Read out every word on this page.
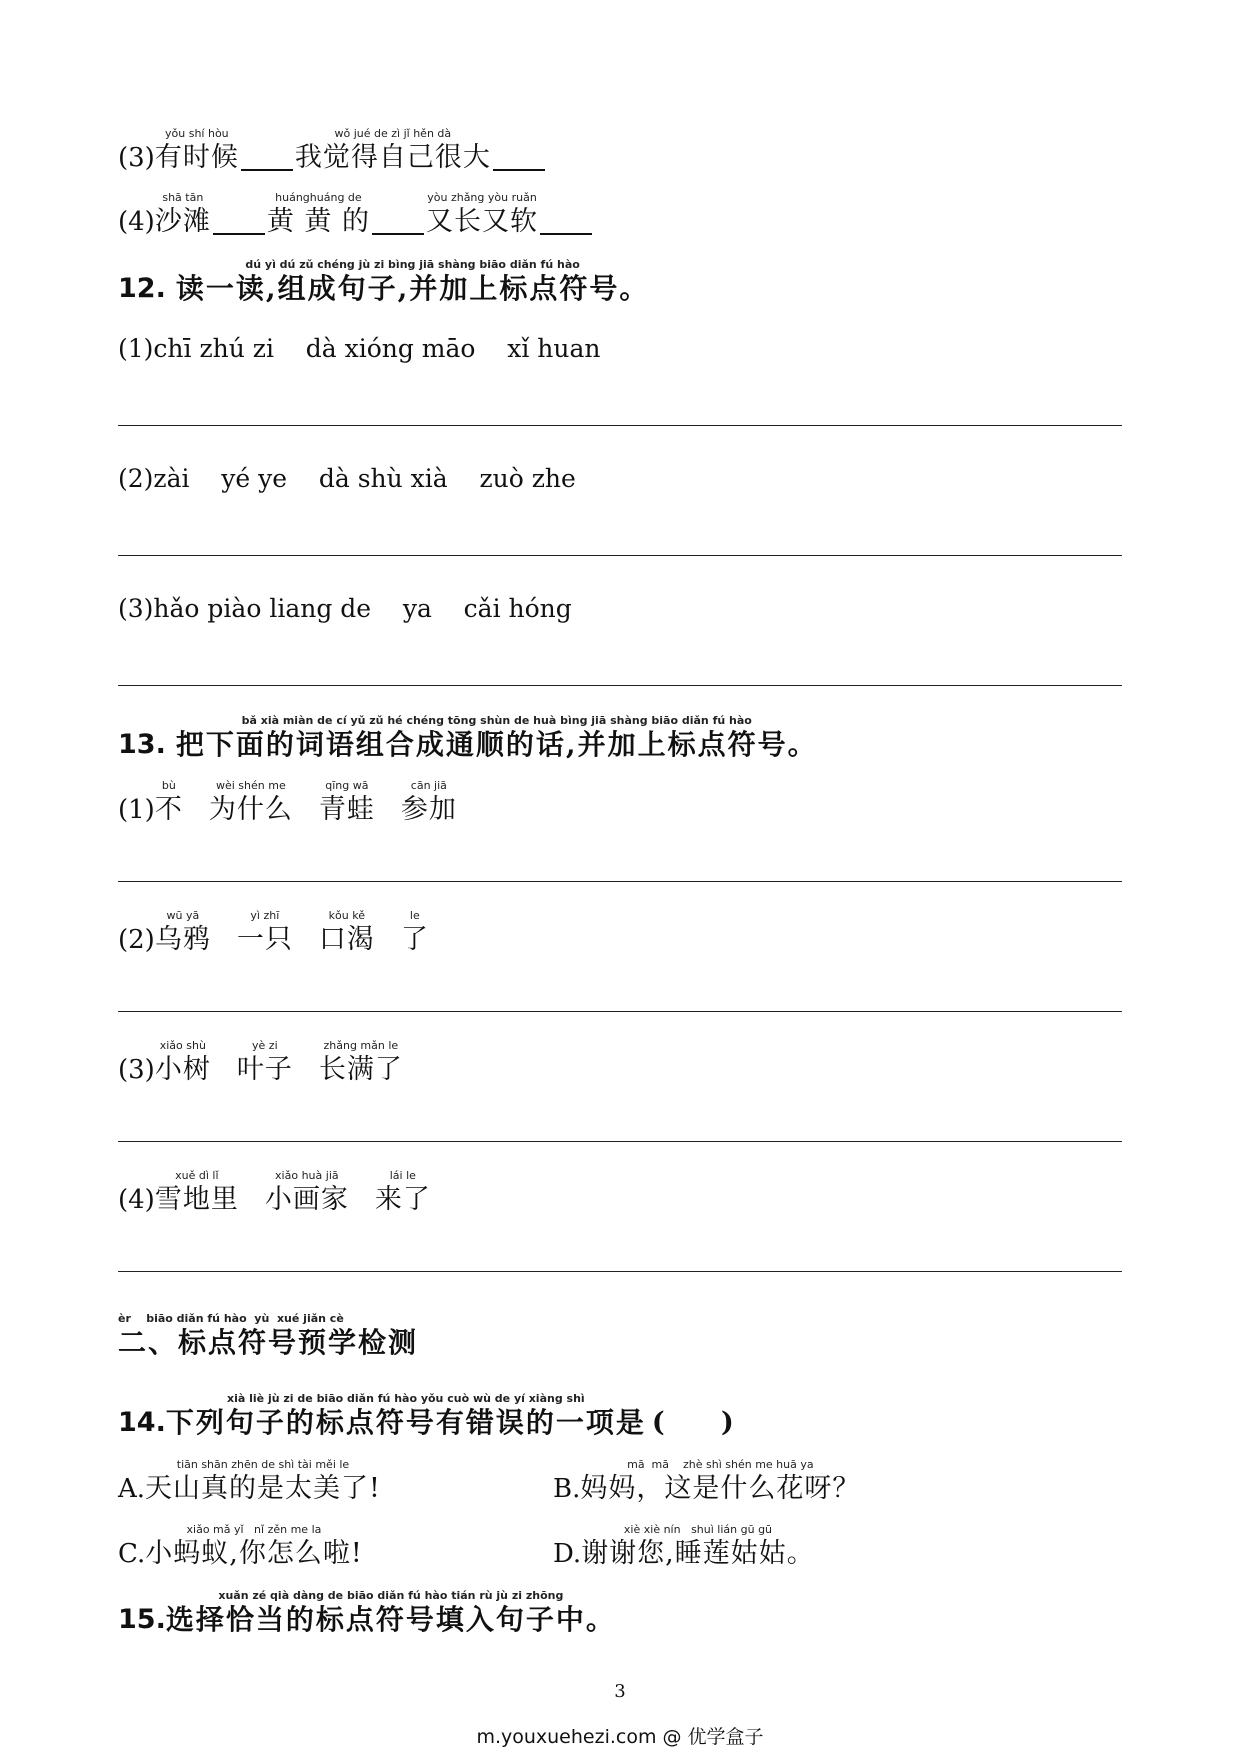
(3)
yǒu shí hòu
有时候
wǒ jué de zì jǐ hěn dà
我觉得自己很大
(4)
shā tān
沙滩
huánghuáng de
黄 黄 的
yòu zhǎng yòu ruǎn
又长又软
12.
dú yì dú zǔ chéng jù zi bìng jiā shàng biāo diǎn fú hào
读一读,组成句子,并加上标点符号。
(1)chī zhú zi    dà xióng māo    xǐ huan
(2)zài    yé ye    dà shù xià    zuò zhe
(3)hǎo piào liang de    ya    cǎi hóng
13.
bǎ xià miàn de cí yǔ zǔ hé chéng tōng shùn de huà bìng jiā shàng biāo diǎn fú hào
把下面的词语组合成通顺的话,并加上标点符号。
(1)
bù
不
wèi shén me
为什么
qīng wā
青蛙
cān jiā
参加
(2)
wū yā
乌鸦
yì zhī
一只
kǒu kě
口渴
le
了
(3)
xiǎo shù
小树
yè zi
叶子
zhǎng mǎn le
长满了
(4)
xuě dì lǐ
雪地里
xiǎo huà jiā
小画家
lái le
来了
èr    biāo diǎn fú hào  yù  xué jiǎn cè
二、标点符号预学检测
14.
xià liè jù zi de biāo diǎn fú hào yǒu cuò wù de yí xiàng shì
下列句子的标点符号有错误的一项是 (      )
A.
tiān shān zhēn de shì tài měi le
天山真的是太美了!	B.
mā  mā    zhè shì shén me huā ya
妈妈，这是什么花呀？
C.
xiǎo mǎ yǐ   nǐ zěn me la
小蚂蚁,你怎么啦!	D.
xiè xiè nín   shuì lián gū gū
谢谢您,睡莲姑姑。
15.
xuǎn zé qià dàng de biāo diǎn fú hào tián rù jù zi zhōng
选择恰当的标点符号填入句子中。
3
m.youxuehezi.com @ 优学盒子
